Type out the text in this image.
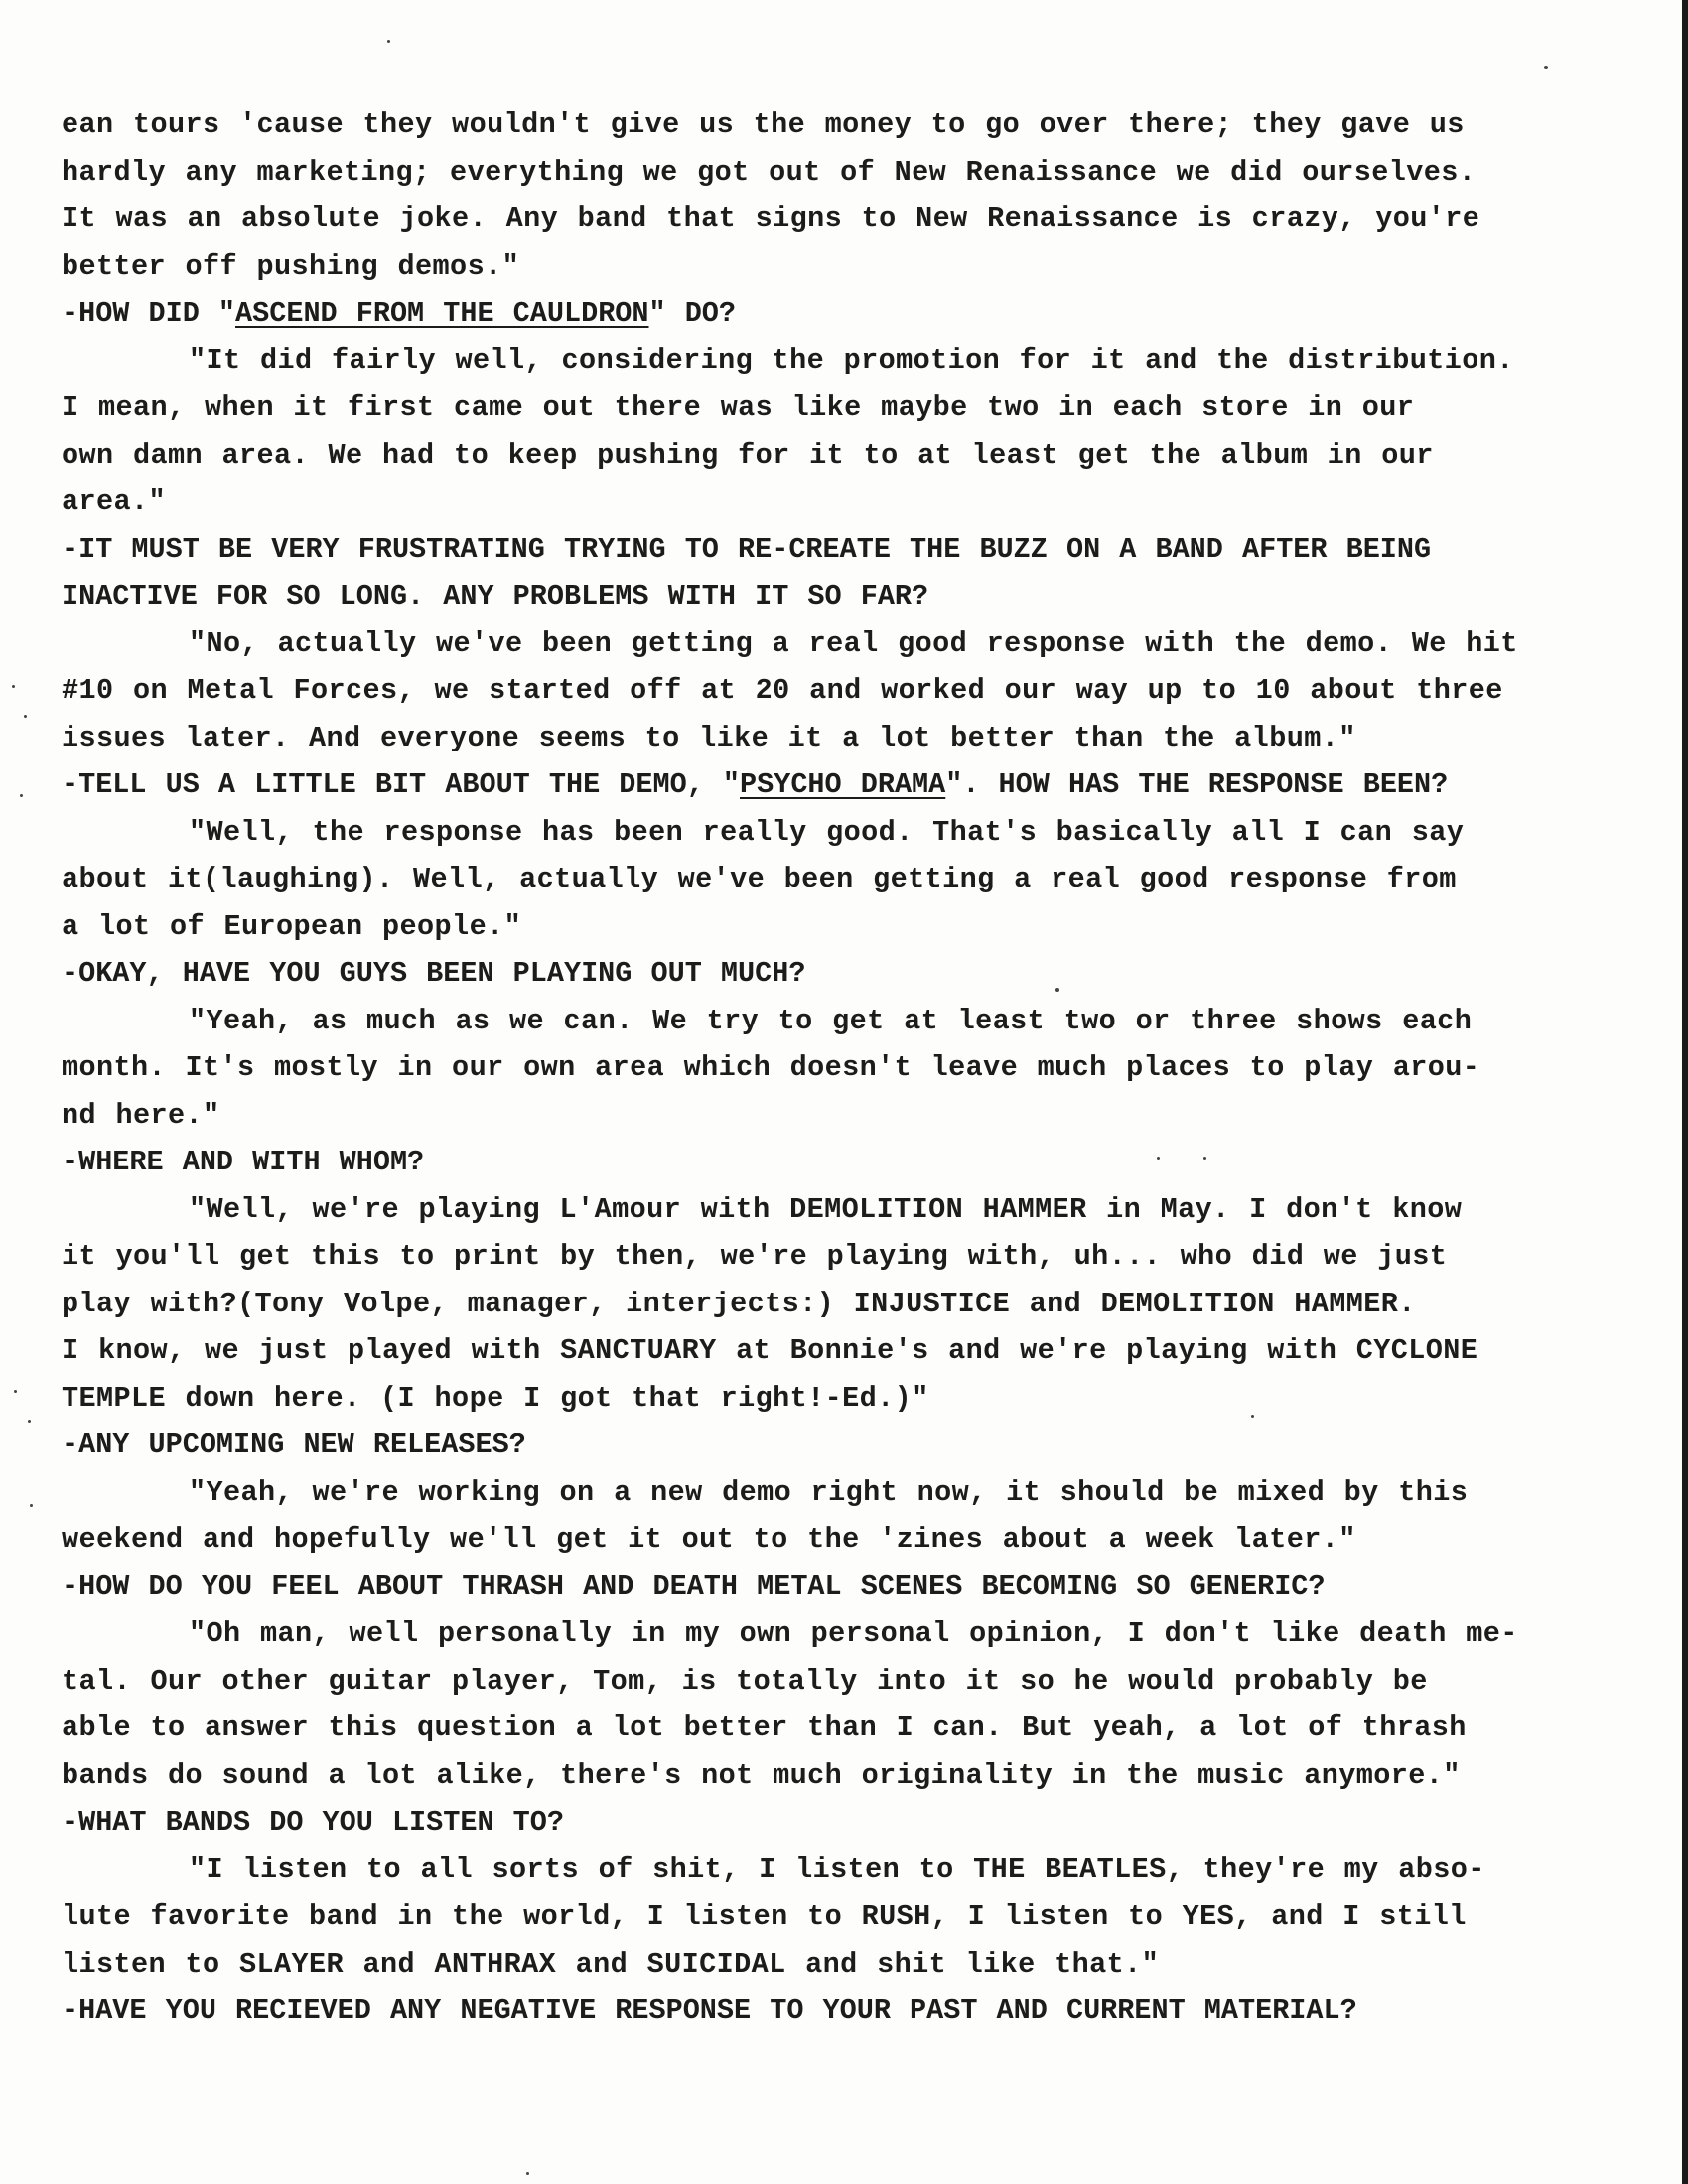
ean tours 'cause they wouldn't give us the money to go over there; they gave us
hardly any marketing; everything we got out of New Renaissance we did ourselves.
It was an absolute joke. Any band that signs to New Renaissance is crazy, you're
better off pushing demos."
-HOW DID "ASCEND FROM THE CAULDRON" DO?
"It did fairly well, considering the promotion for it and the distribution.
I mean, when it first came out there was like maybe two in each store in our
own damn area. We had to keep pushing for it to at least get the album in our
area."
-IT MUST BE VERY FRUSTRATING TRYING TO RE-CREATE THE BUZZ ON A BAND AFTER BEING
INACTIVE FOR SO LONG. ANY PROBLEMS WITH IT SO FAR?
"No, actually we've been getting a real good response with the demo. We hit
#10 on Metal Forces, we started off at 20 and worked our way up to 10 about three
issues later. And everyone seems to like it a lot better than the album."
-TELL US A LITTLE BIT ABOUT THE DEMO, "PSYCHO DRAMA". HOW HAS THE RESPONSE BEEN?
"Well, the response has been really good. That's basically all I can say
about it(laughing). Well, actually we've been getting a real good response from
a lot of European people."
-OKAY, HAVE YOU GUYS BEEN PLAYING OUT MUCH?
"Yeah, as much as we can. We try to get at least two or three shows each
month. It's mostly in our own area which doesn't leave much places to play arou-
nd here."
-WHERE AND WITH WHOM?
"Well, we're playing L'Amour with DEMOLITION HAMMER in May. I don't know
it you'll get this to print by then, we're playing with, uh... who did we just
play with?(Tony Volpe, manager, interjects:) INJUSTICE and DEMOLITION HAMMER.
I know, we just played with SANCTUARY at Bonnie's and we're playing with CYCLONE
TEMPLE down here. (I hope I got that right!-Ed.)"
-ANY UPCOMING NEW RELEASES?
"Yeah, we're working on a new demo right now, it should be mixed by this
weekend and hopefully we'll get it out to the 'zines about a week later."
-HOW DO YOU FEEL ABOUT THRASH AND DEATH METAL SCENES BECOMING SO GENERIC?
"Oh man, well personally in my own personal opinion, I don't like death me-
tal. Our other guitar player, Tom, is totally into it so he would probably be
able to answer this question a lot better than I can. But yeah, a lot of thrash
bands do sound a lot alike, there's not much originality in the music anymore."
-WHAT BANDS DO YOU LISTEN TO?
"I listen to all sorts of shit, I listen to THE BEATLES, they're my abso-
lute favorite band in the world, I listen to RUSH, I listen to YES, and I still
listen to SLAYER and ANTHRAX and SUICIDAL and shit like that."
-HAVE YOU RECIEVED ANY NEGATIVE RESPONSE TO YOUR PAST AND CURRENT MATERIAL?
